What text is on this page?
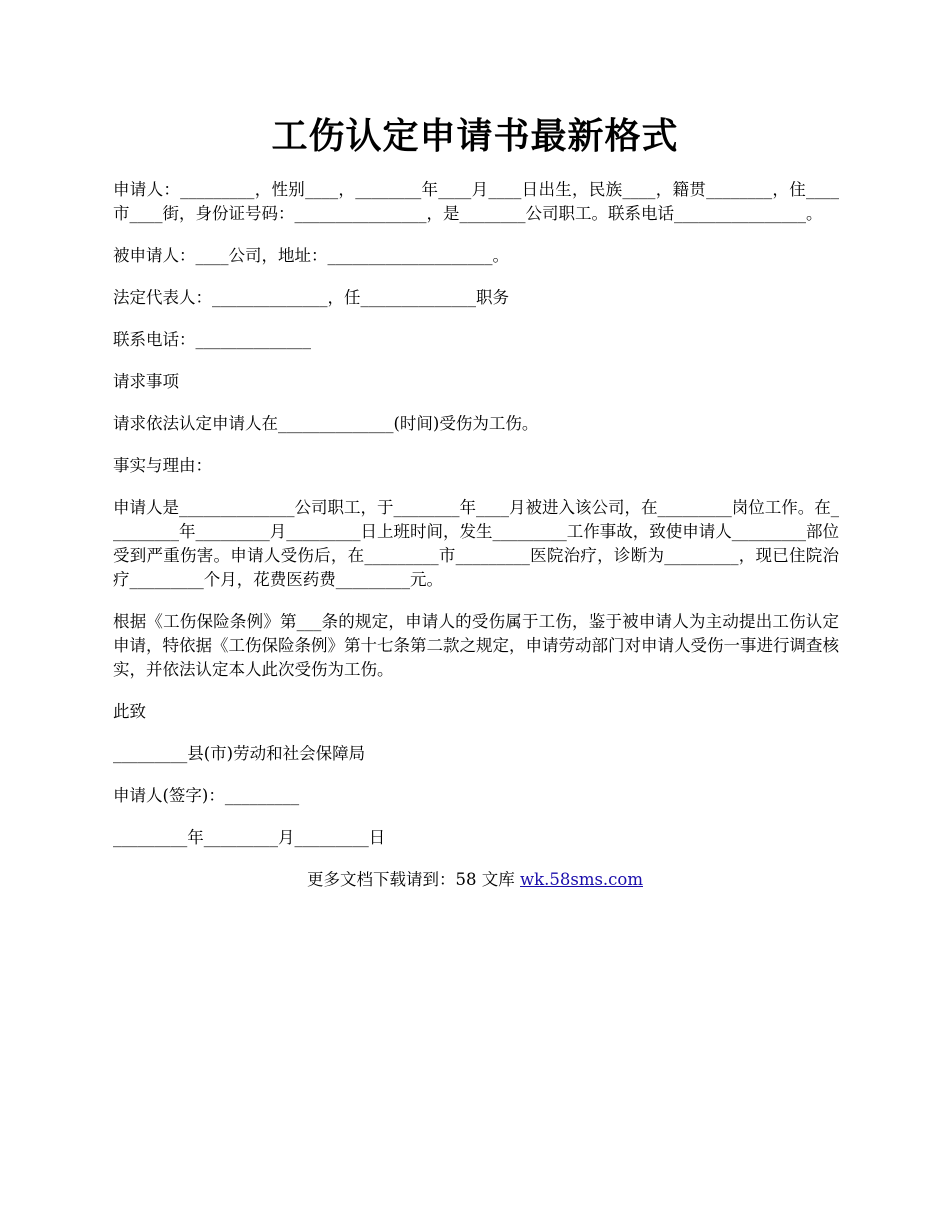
工伤认定申请书最新格式

申请人：_________，性别____，________年____月____日出生，民族____，籍贯________，住____市____街，身份证号码：________________，是________公司职工。联系电话________________。

被申请人：____公司，地址：____________________。

法定代表人：______________，任______________职务

联系电话：______________

请求事项

请求依法认定申请人在______________(时间)受伤为工伤。

事实与理由：

申请人是______________公司职工，于________年____月被进入该公司，在_________岗位工作。在_________年_________月_________日上班时间，发生_________工作事故，致使申请人_________部位受到严重伤害。申请人受伤后，在_________市_________医院治疗，诊断为_________，现已住院治疗_________个月，花费医药费_________元。

根据《工伤保险条例》第___条的规定，申请人的受伤属于工伤，鉴于被申请人为主动提出工伤认定申请，特依据《工伤保险条例》第十七条第二款之规定，申请劳动部门对申请人受伤一事进行调查核实，并依法认定本人此次受伤为工伤。

此致

_________县(市)劳动和社会保障局

申请人(签字)：_________

_________年_________月_________日

更多文档下载请到：58 文库 wk.58sms.com
